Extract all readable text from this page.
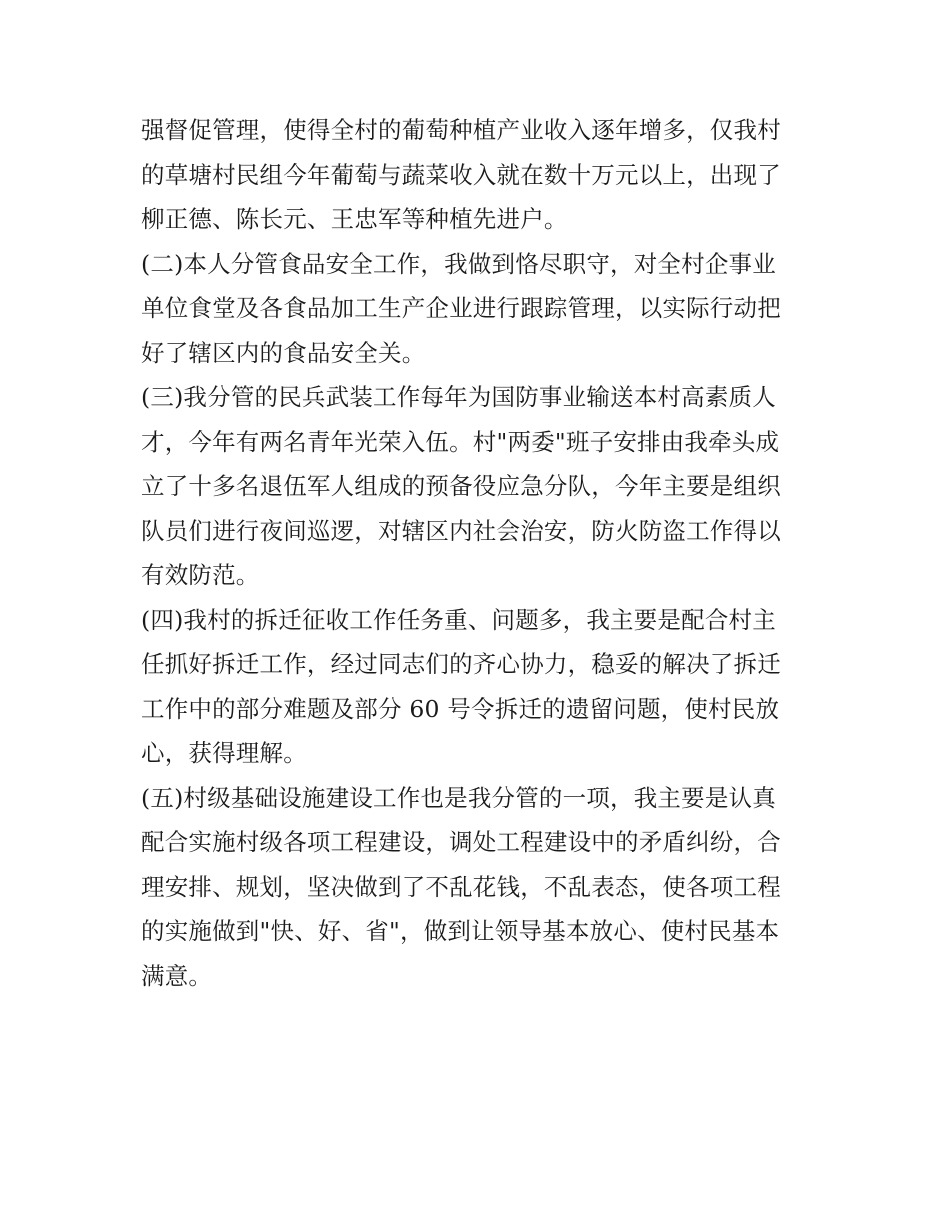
强督促管理，使得全村的葡萄种植产业收入逐年增多，仅我村
的草塘村民组今年葡萄与蔬菜收入就在数十万元以上，出现了
柳正德、陈长元、王忠军等种植先进户。
(二)本人分管食品安全工作，我做到恪尽职守，对全村企事业
单位食堂及各食品加工生产企业进行跟踪管理，以实际行动把
好了辖区内的食品安全关。
(三)我分管的民兵武装工作每年为国防事业输送本村高素质人
才，今年有两名青年光荣入伍。村"两委"班子安排由我牵头成
立了十多名退伍军人组成的预备役应急分队，今年主要是组织
队员们进行夜间巡逻，对辖区内社会治安，防火防盗工作得以
有效防范。
(四)我村的拆迁征收工作任务重、问题多，我主要是配合村主
任抓好拆迁工作，经过同志们的齐心协力，稳妥的解决了拆迁
工作中的部分难题及部分 60 号令拆迁的遗留问题，使村民放
心，获得理解。
(五)村级基础设施建设工作也是我分管的一项，我主要是认真
配合实施村级各项工程建设，调处工程建设中的矛盾纠纷，合
理安排、规划，坚决做到了不乱花钱，不乱表态，使各项工程
的实施做到"快、好、省"，做到让领导基本放心、使村民基本
满意。
